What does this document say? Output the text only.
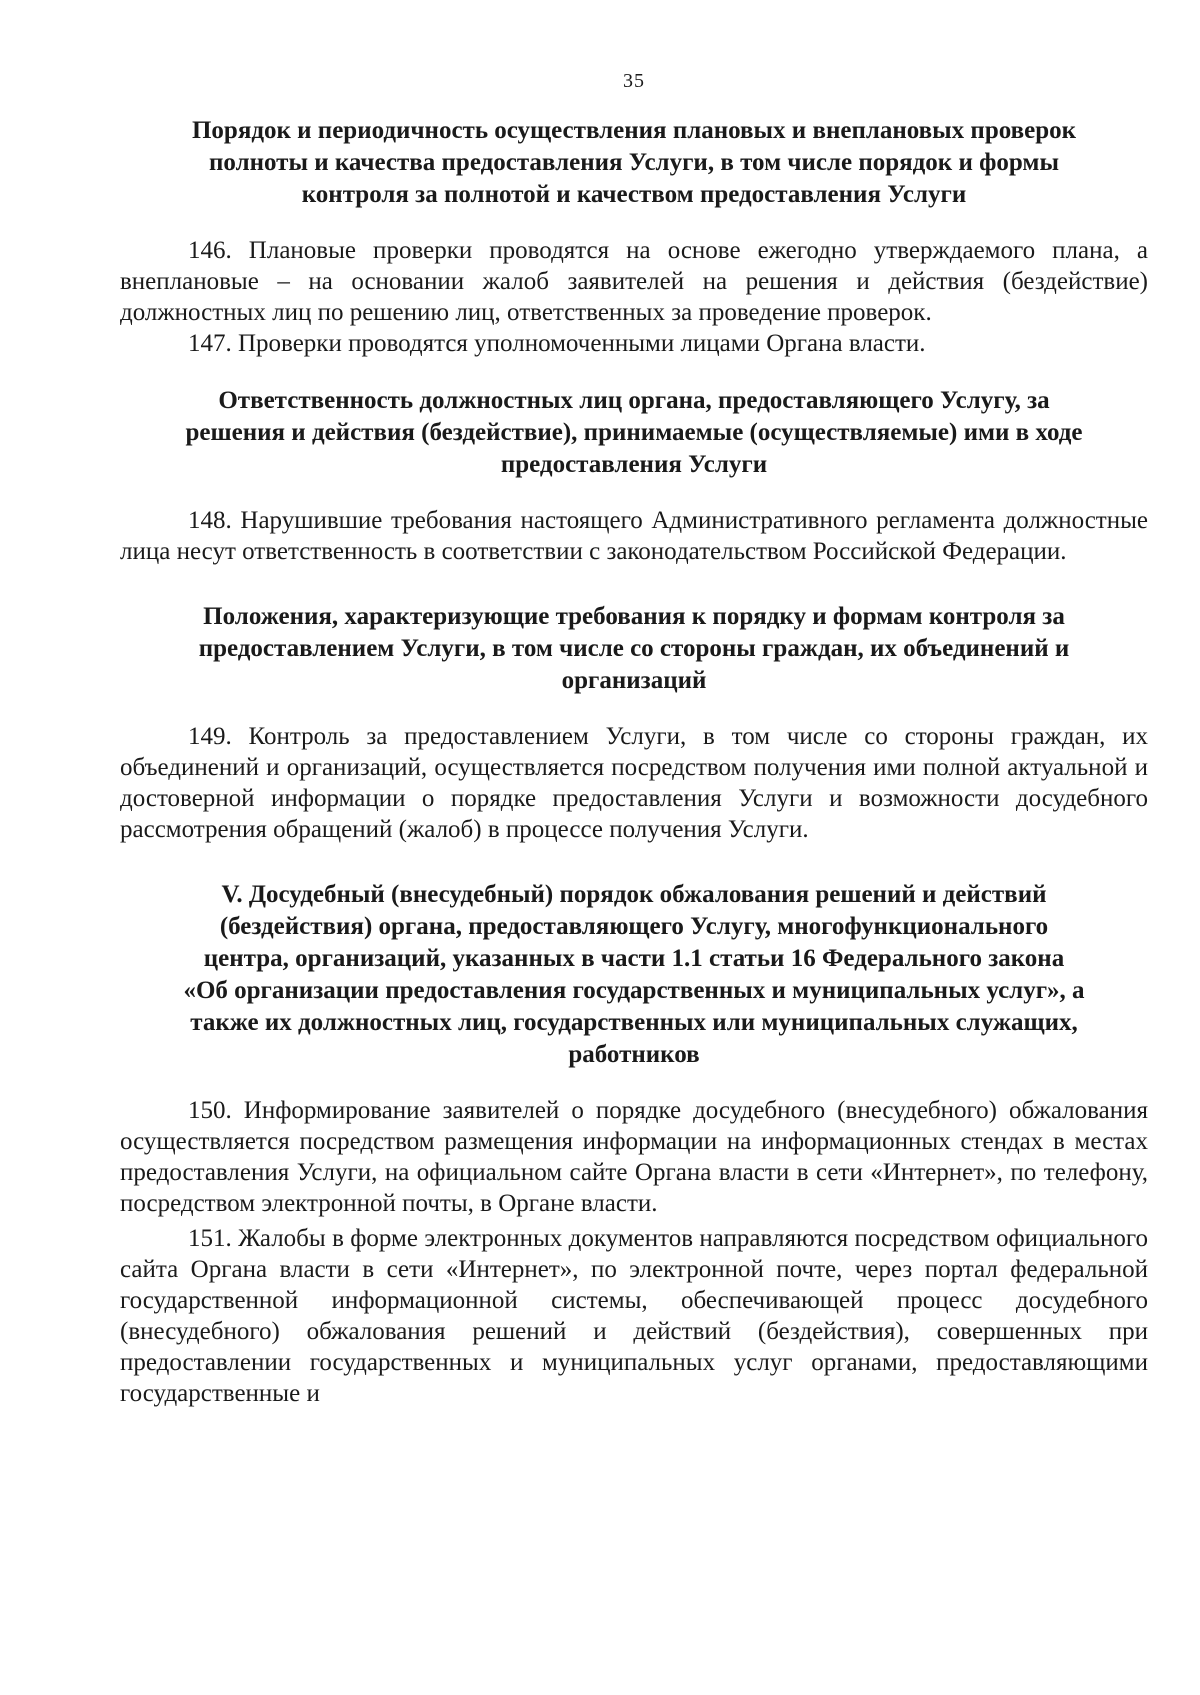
35
Порядок и периодичность осуществления плановых и внеплановых проверок
полноты и качества предоставления Услуги, в том числе порядок и формы
контроля за полнотой и качеством предоставления Услуги

146. Плановые проверки проводятся на основе ежегодно утверждаемого плана, а внеплановые – на основании жалоб заявителей на решения и действия (бездействие) должностных лиц по решению лиц, ответственных за проведение проверок.

147. Проверки проводятся уполномоченными лицами Органа власти.

Ответственность должностных лиц органа, предоставляющего Услугу, за
решения и действия (бездействие), принимаемые (осуществляемые) ими в ходе
предоставления Услуги

148. Нарушившие требования настоящего Административного регламента должностные лица несут ответственность в соответствии с законодательством Российской Федерации.

Положения, характеризующие требования к порядку и формам контроля за
предоставлением Услуги, в том числе со стороны граждан, их объединений и
организаций

149. Контроль за предоставлением Услуги, в том числе со стороны граждан, их объединений и организаций, осуществляется посредством получения ими полной актуальной и достоверной информации о порядке предоставления Услуги и возможности досудебного рассмотрения обращений (жалоб) в процессе получения Услуги.

V. Досудебный (внесудебный) порядок обжалования решений и действий
(бездействия) органа, предоставляющего Услугу, многофункционального
центра, организаций, указанных в части 1.1 статьи 16 Федерального закона
«Об организации предоставления государственных и муниципальных услуг», а
также их должностных лиц, государственных или муниципальных служащих,
работников

150. Информирование заявителей о порядке досудебного (внесудебного) обжалования осуществляется посредством размещения информации на информационных стендах в местах предоставления Услуги, на официальном сайте Органа власти в сети «Интернет», по телефону, посредством электронной почты, в Органе власти.

151. Жалобы в форме электронных документов направляются посредством официального сайта Органа власти в сети «Интернет», по электронной почте, через портал федеральной государственной информационной системы, обеспечивающей процесс досудебного (внесудебного) обжалования решений и действий (бездействия), совершенных при предоставлении государственных и муниципальных услуг органами, предоставляющими государственные и
